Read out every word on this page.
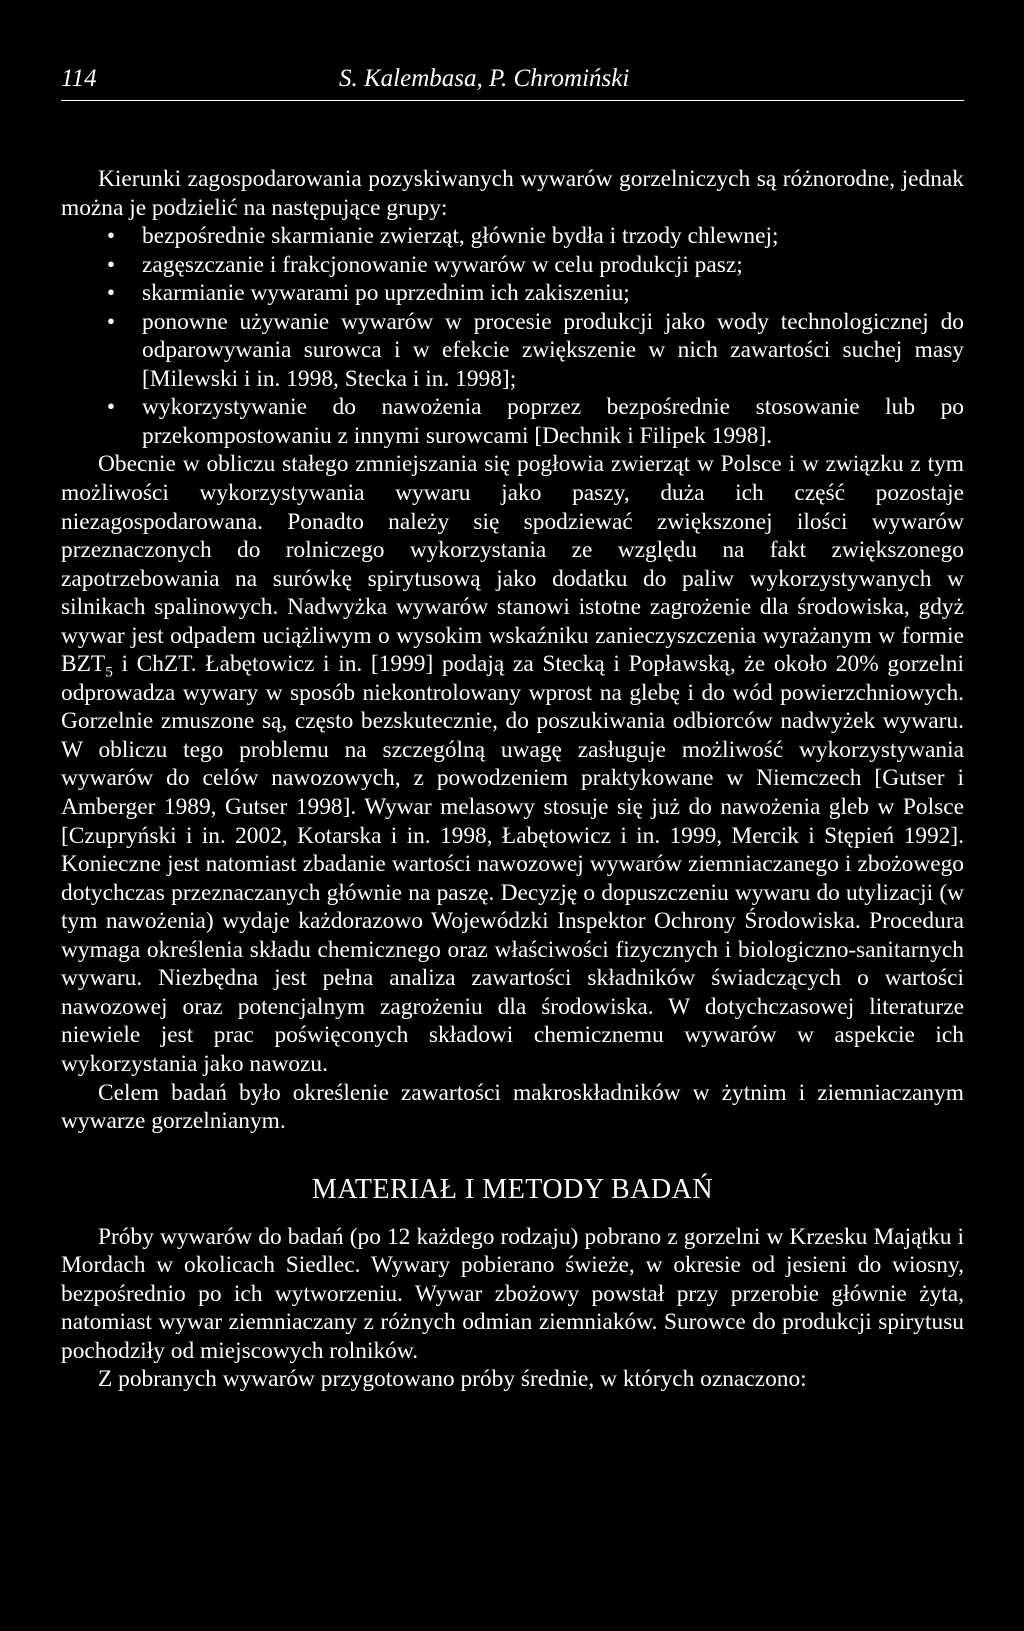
114	S. Kalembasa, P. Chromiński

Kierunki zagospodarowania pozyskiwanych wywarów gorzelniczych są różnorodne, jednak można je podzielić na następujące grupy:

• bezpośrednie skarmianie zwierząt, głównie bydła i trzody chlewnej;
• zagęszczanie i frakcjonowanie wywarów w celu produkcji pasz;
• skarmianie wywarami po uprzednim ich zakiszeniu;
• ponowne używanie wywarów w procesie produkcji jako wody technologicznej do odparowywania surowca i w efekcie zwiększenie w nich zawartości suchej masy [Milewski i in. 1998, Stecka i in. 1998];
• wykorzystywanie do nawożenia poprzez bezpośrednie stosowanie lub po przekompostowaniu z innymi surowcami [Dechnik i Filipek 1998].

Obecnie w obliczu stałego zmniejszania się pogłowia zwierząt w Polsce i w związku z tym możliwości wykorzystywania wywaru jako paszy, duża ich część pozostaje niezagospodarowana. Ponadto należy się spodziewać zwiększonej ilości wywarów przeznaczonych do rolniczego wykorzystania ze względu na fakt zwiększonego zapotrzebowania na surówkę spirytusową jako dodatku do paliw wykorzystywanych w silnikach spalinowych. Nadwyżka wywarów stanowi istotne zagrożenie dla środowiska, gdyż wywar jest odpadem uciążliwym o wysokim wskaźniku zanieczyszczenia wyrażanym w formie $BZT_5$ i ChZT. Łabętowicz i in. [1999] podają za Stecką i Popławską, że około 20% gorzelni odprowadza wywary w sposób niekontrolowany wprost na glebę i do wód powierzchniowych. Gorzelnie zmuszone są, często bezskutecznie, do poszukiwania odbiorców nadwyżek wywaru. W obliczu tego problemu na szczególną uwagę zasługuje możliwość wykorzystywania wywarów do celów nawozowych, z powodzeniem praktykowane w Niemczech [Gutser i Amberger 1989, Gutser 1998]. Wywar melasowy stosuje się już do nawożenia gleb w Polsce [Czupryński i in. 2002, Kotarska i in. 1998, Łabętowicz i in. 1999, Mercik i Stępień 1992]. Konieczne jest natomiast zbadanie wartości nawozowej wywarów ziemniaczanego i zbożowego dotychczas przeznaczanych głównie na paszę. Decyzję o dopuszczeniu wywaru do utylizacji (w tym nawożenia) wydaje każdorazowo Wojewódzki Inspektor Ochrony Środowiska. Procedura wymaga określenia składu chemicznego oraz właściwości fizycznych i biologiczno-sanitarnych wywaru. Niezbędna jest pełna analiza zawartości składników świadczących o wartości nawozowej oraz potencjalnym zagrożeniu dla środowiska. W dotychczasowej literaturze niewiele jest prac poświęconych składowi chemicznemu wywarów w aspekcie ich wykorzystania jako nawozu.

Celem badań było określenie zawartości makroskładników w żytnim i ziemniaczanym wywarze gorzelnianym.

MATERIAŁ I METODY BADAŃ

Próby wywarów do badań (po 12 każdego rodzaju) pobrano z gorzelni w Krzesku Majątku i Mordach w okolicach Siedlec. Wywary pobierano świeże, w okresie od jesieni do wiosny, bezpośrednio po ich wytworzeniu. Wywar zbożowy powstał przy przerobie głównie żyta, natomiast wywar ziemniaczany z różnych odmian ziemniaków. Surowce do produkcji spirytusu pochodziły od miejscowych rolników.

Z pobranych wywarów przygotowano próby średnie, w których oznaczono:
